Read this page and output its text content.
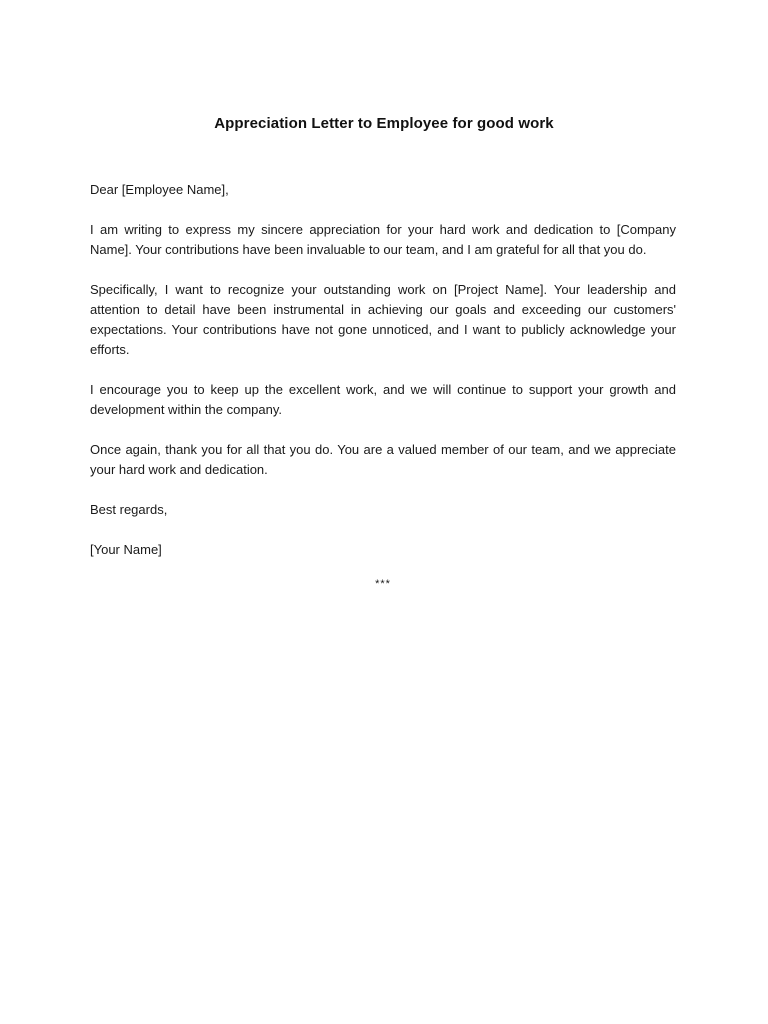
Appreciation Letter to Employee for good work

Dear [Employee Name],

I am writing to express my sincere appreciation for your hard work and dedication to [Company Name]. Your contributions have been invaluable to our team, and I am grateful for all that you do.

Specifically, I want to recognize your outstanding work on [Project Name]. Your leadership and attention to detail have been instrumental in achieving our goals and exceeding our customers' expectations. Your contributions have not gone unnoticed, and I want to publicly acknowledge your efforts.

I encourage you to keep up the excellent work, and we will continue to support your growth and development within the company.

Once again, thank you for all that you do. You are a valued member of our team, and we appreciate your hard work and dedication.

Best regards,

[Your Name]

***
